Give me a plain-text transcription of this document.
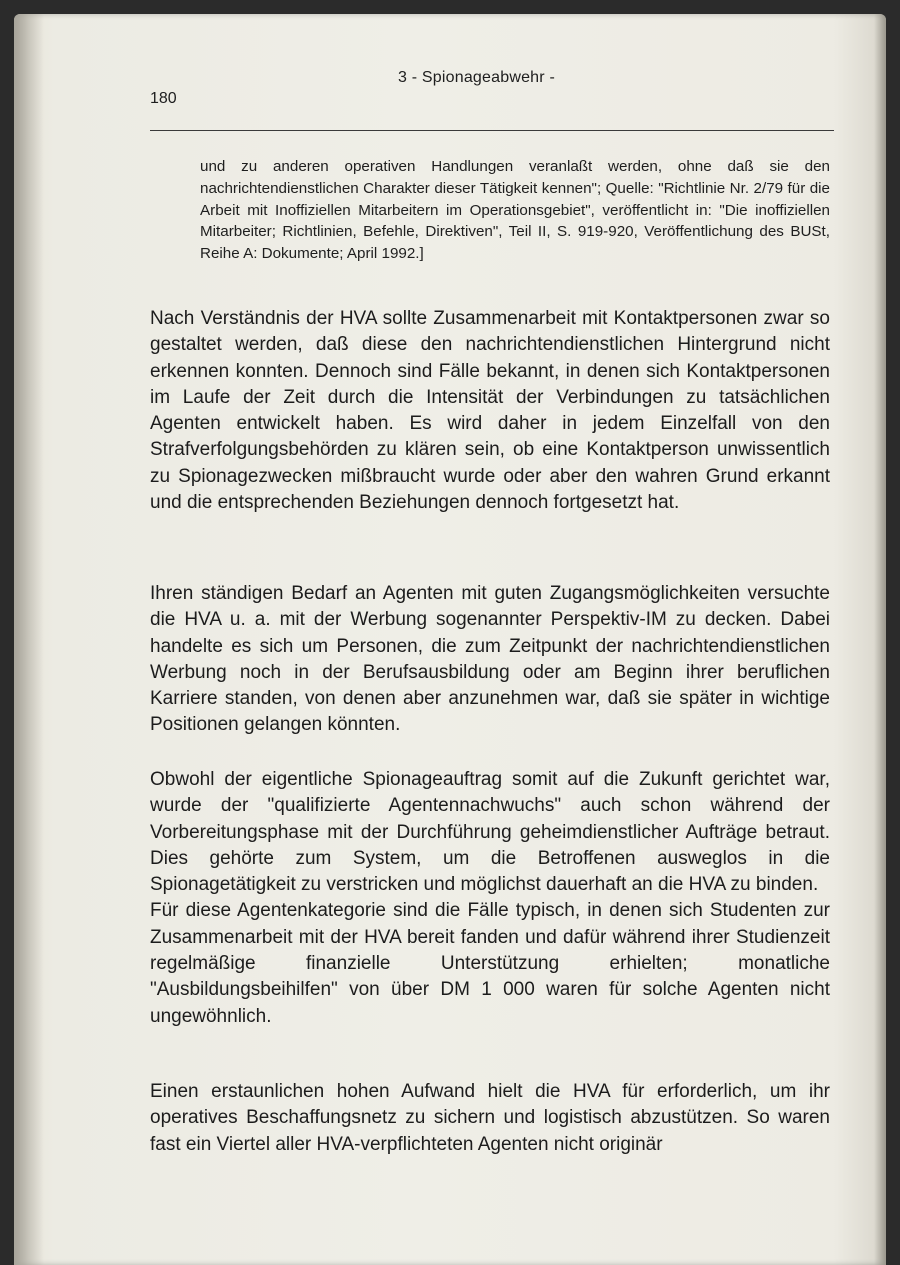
180
3 - Spionageabwehr -

und zu anderen operativen Handlungen veranlaßt werden, ohne daß sie den nachrichtendienstlichen Charakter dieser Tätigkeit kennen"; Quelle: "Richtlinie Nr. 2/79 für die Arbeit mit Inoffiziellen Mitarbeitern im Operationsgebiet", veröffentlicht in: "Die inoffiziellen Mitarbeiter; Richtlinien, Befehle, Direktiven", Teil II, S. 919-920, Veröffentlichung des BUSt, Reihe A: Dokumente; April 1992.]

Nach Verständnis der HVA sollte Zusammenarbeit mit Kontaktpersonen zwar so gestaltet werden, daß diese den nachrichtendienstlichen Hintergrund nicht erkennen konnten. Dennoch sind Fälle bekannt, in denen sich Kontaktpersonen im Laufe der Zeit durch die Intensität der Verbindungen zu tatsächlichen Agenten entwickelt haben. Es wird daher in jedem Einzelfall von den Strafverfolgungsbehörden zu klären sein, ob eine Kontaktperson unwissentlich zu Spionagezwecken mißbraucht wurde oder aber den wahren Grund erkannt und die entsprechenden Beziehungen dennoch fortgesetzt hat.

Ihren ständigen Bedarf an Agenten mit guten Zugangsmöglichkeiten versuchte die HVA u. a. mit der Werbung sogenannter Perspektiv-IM zu decken. Dabei handelte es sich um Personen, die zum Zeitpunkt der nachrichtendienstlichen Werbung noch in der Berufsausbildung oder am Beginn ihrer beruflichen Karriere standen, von denen aber anzunehmen war, daß sie später in wichtige Positionen gelangen könnten.

Obwohl der eigentliche Spionageauftrag somit auf die Zukunft gerichtet war, wurde der "qualifizierte Agentennachwuchs" auch schon während der Vorbereitungsphase mit der Durchführung geheimdienstlicher Aufträge betraut. Dies gehörte zum System, um die Betroffenen ausweglos in die Spionagetätigkeit zu verstricken und möglichst dauerhaft an die HVA zu binden.
Für diese Agentenkategorie sind die Fälle typisch, in denen sich Studenten zur Zusammenarbeit mit der HVA bereit fanden und dafür während ihrer Studienzeit regelmäßige finanzielle Unterstützung erhielten; monatliche "Ausbildungsbeihilfen" von über DM 1 000 waren für solche Agenten nicht ungewöhnlich.

Einen erstaunlichen hohen Aufwand hielt die HVA für erforderlich, um ihr operatives Beschaffungsnetz zu sichern und logistisch abzustützen. So waren fast ein Viertel aller HVA-verpflichteten Agenten nicht originär
